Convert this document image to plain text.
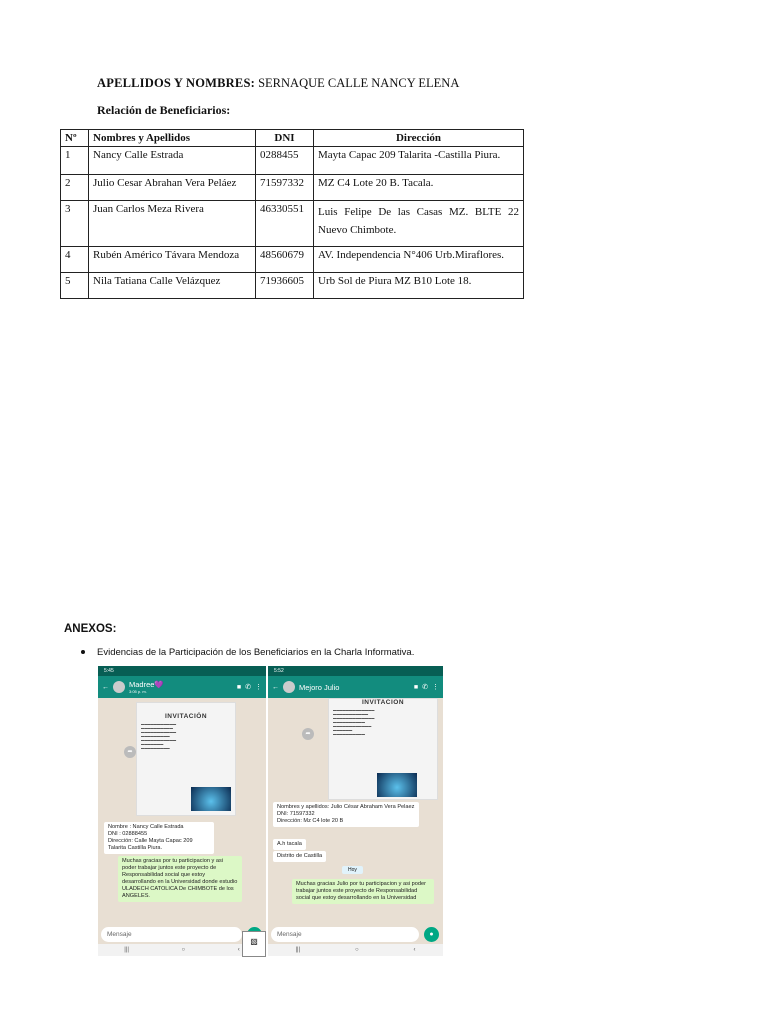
APELLIDOS Y NOMBRES: SERNAQUE CALLE NANCY ELENA
Relación de Beneficiarios:
Nº	Nombres y Apellidos	DNI	Dirección
1	Nancy Calle Estrada	0288455	Mayta Capac 209 Talarita -Castilla Piura.
2	Julio Cesar Abrahan Vera Peláez	71597332	MZ C4 Lote 20 B. Tacala.
3	Juan Carlos Meza Rivera	46330551	Luis Felipe De las Casas MZ. BLTE 22 Nuevo Chimbote.
4	Rubén Américo Távara Mendoza	48560679	AV. Independencia N°406 Urb.Miraflores.
5	Nila Tatiana Calle Velázquez	71936605	Urb Sol de Piura MZ B10 Lote 18.
ANEXOS:
Evidencias de la Participación de los Beneficiarios en la Charla Informativa.
5:45
←	Madree💜
3:05 p. m.
■ ✆ ⋮
INVITACIÓN
▬▬▬▬▬▬▬▬▬▬▬
▬▬▬▬▬▬▬▬▬▬
▬▬▬▬▬▬▬▬▬▬▬
▬▬▬▬▬▬▬▬▬
▬▬▬▬▬▬▬▬▬▬▬
▬▬▬▬▬▬▬
▬▬▬▬▬▬▬▬▬
➦
Nombre : Nancy Calle Estrada
DNI : 02888455
Dirección: Calle Mayta Capac 209 Talarita Castilla Piura.
Muchas gracias por tu participacion y asi poder trabajar juntos este proyecto de Responsabilidad social que estoy desarrollando en la Universidad donde estudio ULADECH CATOLICA De CHIMBOTE de los ANGELES.
Mensaje
|||	○	‹
5:52
←	Mejoro Julio	■ ✆ ⋮
INVITACION
▬▬▬▬▬▬▬▬▬▬▬▬▬
▬▬▬▬▬▬▬▬▬▬▬
▬▬▬▬▬▬▬▬▬▬▬▬▬
▬▬▬▬▬▬▬▬▬▬
▬▬▬▬▬▬▬▬▬▬▬▬
▬▬▬▬▬▬
▬▬▬▬▬▬▬▬▬▬
➦
Nombres y apellidos: Julio César Abraham Vera Pelaez
DNI: 71597332
Dirección: Mz C4 lote 20 B
A.h tacala
Distrito de Castilla
Hoy
Muchas gracias Julio por tu participacion y asi poder trabajar juntos este proyecto de Responsabilidad social que estoy desarrollando en la Universidad
Mensaje	●
|||	○	‹
▧
